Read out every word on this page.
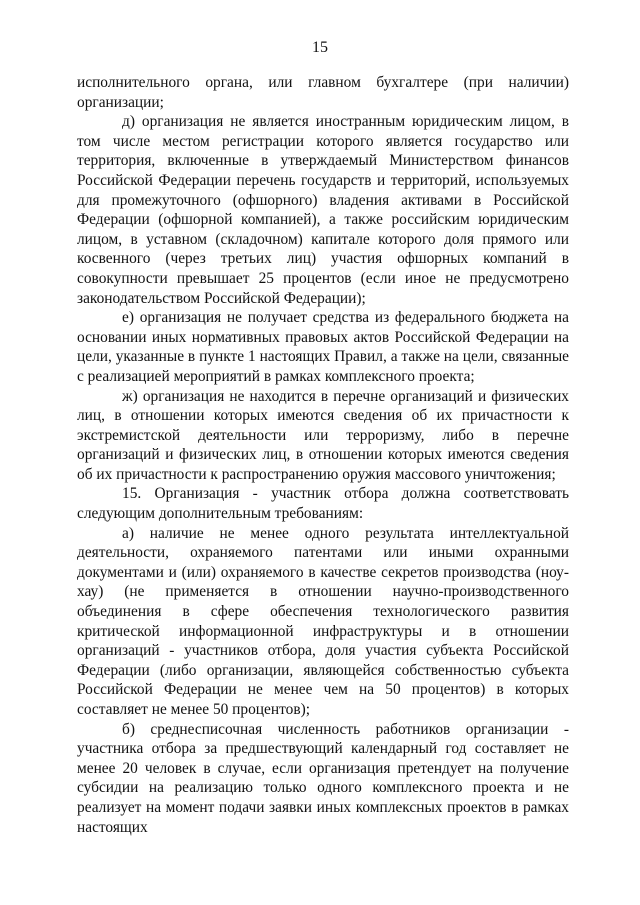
15

исполнительного органа, или главном бухгалтере (при наличии) организации;

д) организация не является иностранным юридическим лицом, в том числе местом регистрации которого является государство или территория, включенные в утверждаемый Министерством финансов Российской Федерации перечень государств и территорий, используемых для промежуточного (офшорного) владения активами в Российской Федерации (офшорной компанией), а также российским юридическим лицом, в уставном (складочном) капитале которого доля прямого или косвенного (через третьих лиц) участия офшорных компаний в совокупности превышает 25 процентов (если иное не предусмотрено законодательством Российской Федерации);

е) организация не получает средства из федерального бюджета на основании иных нормативных правовых актов Российской Федерации на цели, указанные в пункте 1 настоящих Правил, а также на цели, связанные с реализацией мероприятий в рамках комплексного проекта;

ж) организация не находится в перечне организаций и физических лиц, в отношении которых имеются сведения об их причастности к экстремистской деятельности или терроризму, либо в перечне организаций и физических лиц, в отношении которых имеются сведения об их причастности к распространению оружия массового уничтожения;

15. Организация - участник отбора должна соответствовать следующим дополнительным требованиям:

а) наличие не менее одного результата интеллектуальной деятельности, охраняемого патентами или иными охранными документами и (или) охраняемого в качестве секретов производства (ноу-хау) (не применяется в отношении научно-производственного объединения в сфере обеспечения технологического развития критической информационной инфраструктуры и в отношении организаций - участников отбора, доля участия субъекта Российской Федерации (либо организации, являющейся собственностью субъекта Российской Федерации не менее чем на 50 процентов) в которых составляет не менее 50 процентов);

б) среднесписочная численность работников организации - участника отбора за предшествующий календарный год составляет не менее 20 человек в случае, если организация претендует на получение субсидии на реализацию только одного комплексного проекта и не реализует на момент подачи заявки иных комплексных проектов в рамках настоящих
